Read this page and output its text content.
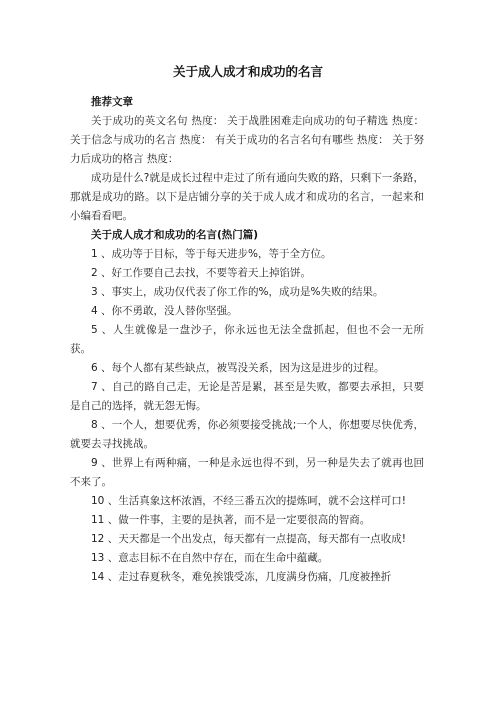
关于成人成才和成功的名言

推荐文章

关于成功的英文名句 热度： 关于战胜困难走向成功的句子精选 热度： 关于信念与成功的名言 热度： 有关于成功的名言名句有哪些 热度： 关于努力后成功的格言 热度：

成功是什么?就是成长过程中走过了所有通向失败的路，只剩下一条路，那就是成功的路。以下是店铺分享的关于成人成才和成功的名言，一起来和小编看看吧。

关于成人成才和成功的名言(热门篇)

1 、成功等于目标，等于每天进步%，等于全方位。

2 、好工作要自己去找，不要等着天上掉馅饼。

3 、事实上，成功仅代表了你工作的%，成功是%失败的结果。

4 、你不勇敢，没人替你坚强。

5 、人生就像是一盘沙子，你永远也无法全盘抓起，但也不会一无所获。

6 、每个人都有某些缺点，被骂没关系，因为这是进步的过程。

7 、自己的路自己走，无论是苦是累，甚至是失败，都要去承担，只要是自己的选择，就无怨无悔。

8 、一个人，想要优秀，你必须要接受挑战;一个人，你想要尽快优秀，就要去寻找挑战。

9 、世界上有两种痛，一种是永远也得不到，另一种是失去了就再也回不来了。

10 、生活真象这杯浓酒，不经三番五次的提炼呵，就不会这样可口!

11 、做一件事，主要的是执著，而不是一定要很高的智商。

12 、天天都是一个出发点，每天都有一点提高，每天都有一点收成!

13 、意志目标不在自然中存在，而在生命中蕴藏。

14 、走过春夏秋冬，难免挨饿受冻，几度满身伤痛，几度被挫折
